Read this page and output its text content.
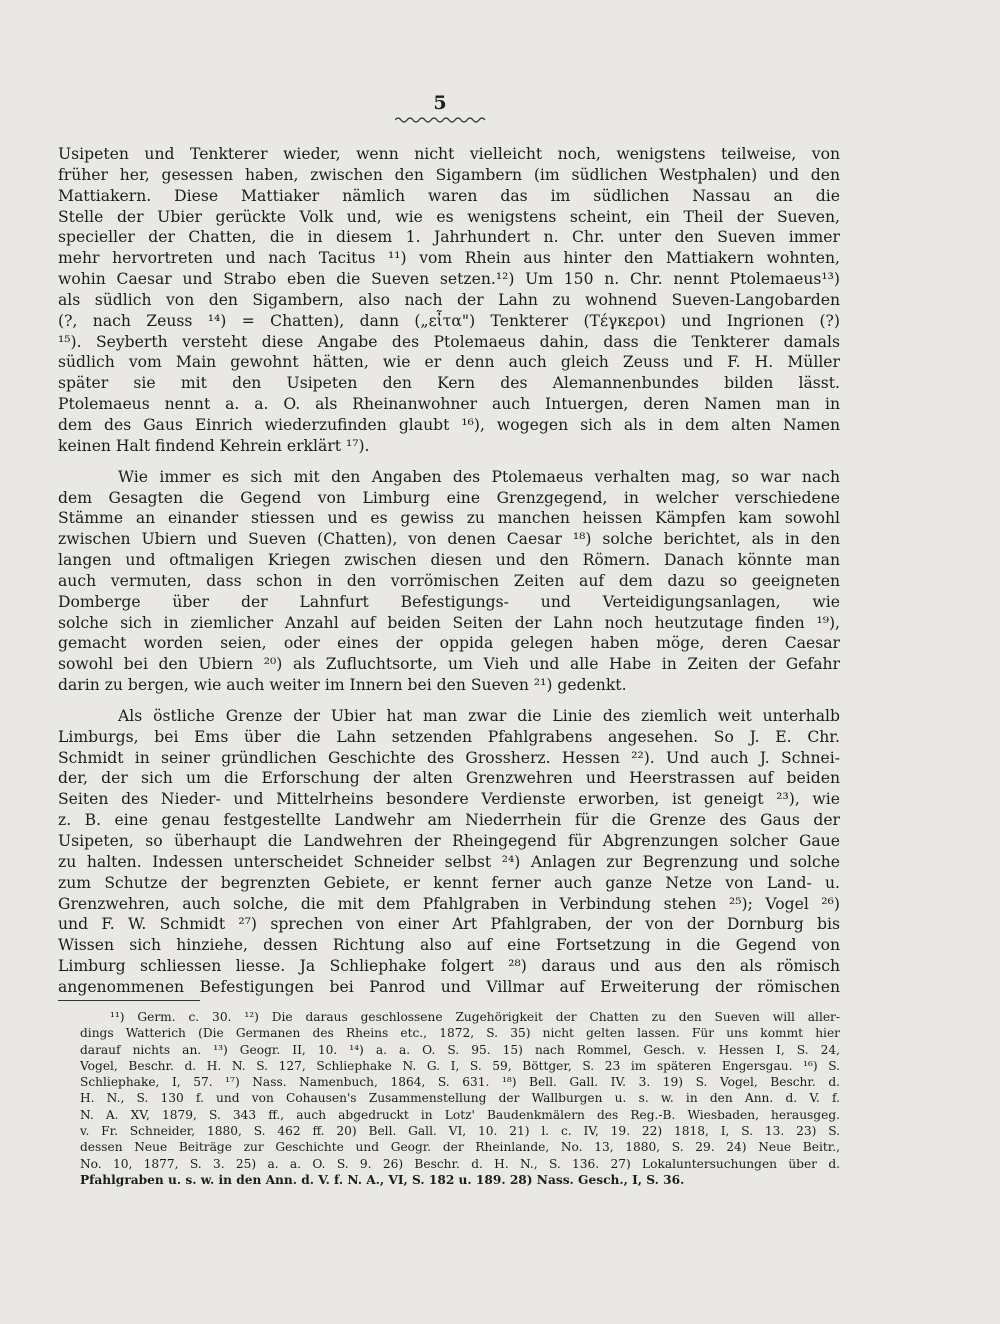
5

Usipeten und Tenkterer wieder, wenn nicht vielleicht noch, wenigstens teilweise, von
früher her, gesessen haben, zwischen den Sigambern (im südlichen Westphalen) und den
Mattiakern. Diese Mattiaker nämlich waren das im südlichen Nassau an die
Stelle der Ubier gerückte Volk und, wie es wenigstens scheint, ein Theil der Sueven,
specieller der Chatten, die in diesem 1. Jahrhundert n. Chr. unter den Sueven immer
mehr hervortreten und nach Tacitus ¹¹) vom Rhein aus hinter den Mattiakern wohnten,
wohin Caesar und Strabo eben die Sueven setzen.¹²) Um 150 n. Chr. nennt Ptolemaeus¹³)
als südlich von den Sigambern, also nach der Lahn zu wohnend Sueven-Langobarden
(?, nach Zeuss ¹⁴) = Chatten), dann („εἶτα") Tenkterer (Τέγκεροι) und Ingrionen (?)
¹⁵). Seyberth versteht diese Angabe des Ptolemaeus dahin, dass die Tenkterer damals
südlich vom Main gewohnt hätten, wie er denn auch gleich Zeuss und F. H. Müller
später sie mit den Usipeten den Kern des Alemannenbundes bilden lässt.
Ptolemaeus nennt a. a. O. als Rheinanwohner auch Intuergen, deren Namen man in
dem des Gaus Einrich wiederzufinden glaubt ¹⁶), wogegen sich als in dem alten Namen
keinen Halt findend Kehrein erklärt ¹⁷).

Wie immer es sich mit den Angaben des Ptolemaeus verhalten mag, so war nach
dem Gesagten die Gegend von Limburg eine Grenzgegend, in welcher verschiedene
Stämme an einander stiessen und es gewiss zu manchen heissen Kämpfen kam sowohl
zwischen Ubiern und Sueven (Chatten), von denen Caesar ¹⁸) solche berichtet, als in den
langen und oftmaligen Kriegen zwischen diesen und den Römern. Danach könnte man
auch vermuten, dass schon in den vorrömischen Zeiten auf dem dazu so geeigneten
Domberge über der Lahnfurt Befestigungs- und Verteidigungsanlagen, wie
solche sich in ziemlicher Anzahl auf beiden Seiten der Lahn noch heutzutage finden ¹⁹),
gemacht worden seien, oder eines der oppida gelegen haben möge, deren Caesar
sowohl bei den Ubiern ²⁰) als Zufluchtsorte, um Vieh und alle Habe in Zeiten der Gefahr
darin zu bergen, wie auch weiter im Innern bei den Sueven ²¹) gedenkt.

Als östliche Grenze der Ubier hat man zwar die Linie des ziemlich weit unterhalb
Limburgs, bei Ems über die Lahn setzenden Pfahlgrabens angesehen. So J. E. Chr.
Schmidt in seiner gründlichen Geschichte des Grossherz. Hessen ²²). Und auch J. Schnei-
der, der sich um die Erforschung der alten Grenzwehren und Heerstrassen auf beiden
Seiten des Nieder- und Mittelrheins besondere Verdienste erworben, ist geneigt ²³), wie
z. B. eine genau festgestellte Landwehr am Niederrhein für die Grenze des Gaus der
Usipeten, so überhaupt die Landwehren der Rheingegend für Abgrenzungen solcher Gaue
zu halten. Indessen unterscheidet Schneider selbst ²⁴) Anlagen zur Begrenzung und solche
zum Schutze der begrenzten Gebiete, er kennt ferner auch ganze Netze von Land- u.
Grenzwehren, auch solche, die mit dem Pfahlgraben in Verbindung stehen ²⁵); Vogel ²⁶)
und F. W. Schmidt ²⁷) sprechen von einer Art Pfahlgraben, der von der Dornburg bis
Wissen sich hinziehe, dessen Richtung also auf eine Fortsetzung in die Gegend von
Limburg schliessen liesse. Ja Schliephake folgert ²⁸) daraus und aus den als römisch
angenommenen Befestigungen bei Panrod und Villmar auf Erweiterung der römischen

¹¹) Germ. c. 30. ¹²) Die daraus geschlossene Zugehörigkeit der Chatten zu den Sueven will aller-
dings Watterich (Die Germanen des Rheins etc., 1872, S. 35) nicht gelten lassen. Für uns kommt hier
darauf nichts an. ¹³) Geogr. II, 10. ¹⁴) a. a. O. S. 95. 15) nach Rommel, Gesch. v. Hessen I, S. 24,
Vogel, Beschr. d. H. N. S. 127, Schliephake N. G. I, S. 59, Böttger, S. 23 im späteren Engersgau. ¹⁶) S.
Schliephake, I, 57. ¹⁷) Nass. Namenbuch, 1864, S. 631. ¹⁸) Bell. Gall. IV. 3. 19) S. Vogel, Beschr. d.
H. N., S. 130 f. und von Cohausen's Zusammenstellung der Wallburgen u. s. w. in den Ann. d. V. f.
N. A. XV, 1879, S. 343 ff., auch abgedruckt in Lotz' Baudenkmälern des Reg.-B. Wiesbaden, herausgeg.
v. Fr. Schneider, 1880, S. 462 ff. 20) Bell. Gall. VI, 10. 21) l. c. IV, 19. 22) 1818, I, S. 13. 23) S.
dessen Neue Beiträge zur Geschichte und Geogr. der Rheinlande, No. 13, 1880, S. 29. 24) Neue Beitr.,
No. 10, 1877, S. 3. 25) a. a. O. S. 9. 26) Beschr. d. H. N., S. 136. 27) Lokaluntersuchungen über d.
Pfahlgraben u. s. w. in den Ann. d. V. f. N. A., VI, S. 182 u. 189. 28) Nass. Gesch., I, S. 36.
